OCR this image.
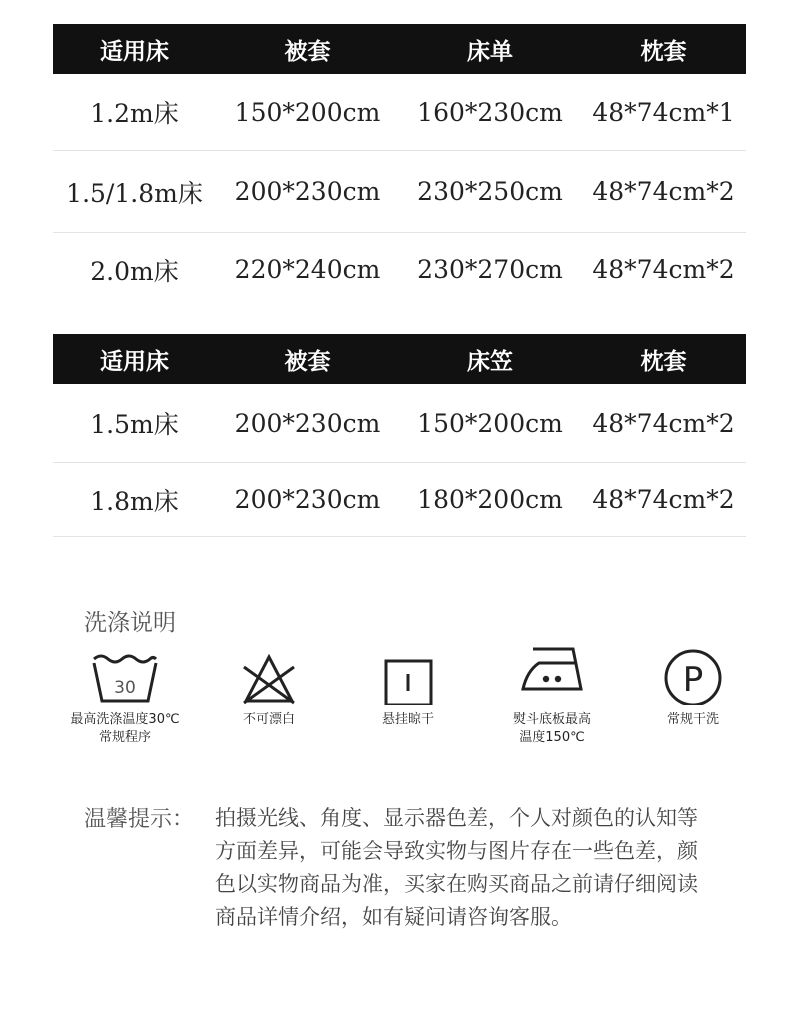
适用床	被套	床单	枕套
1.2m床	150*200cm	160*230cm	48*74cm*1
1.5/1.8m床	200*230cm	230*250cm	48*74cm*2
2.0m床	220*240cm	230*270cm	48*74cm*2
适用床	被套	床笠	枕套
1.5m床	200*230cm	150*200cm	48*74cm*2
1.8m床	200*230cm	180*200cm	48*74cm*2
洗涤说明
30
最高洗涤温度30℃
常规程序
不可漂白	悬挂晾干	熨斗底板最高
温度150℃
P
常规干洗
温馨提示： 拍摄光线、角度、显示器色差，个人对颜色的认知等方面差异，可能会导致实物与图片存在一些色差，颜色以实物商品为准，买家在购买商品之前请仔细阅读商品详情介绍，如有疑问请咨询客服。
